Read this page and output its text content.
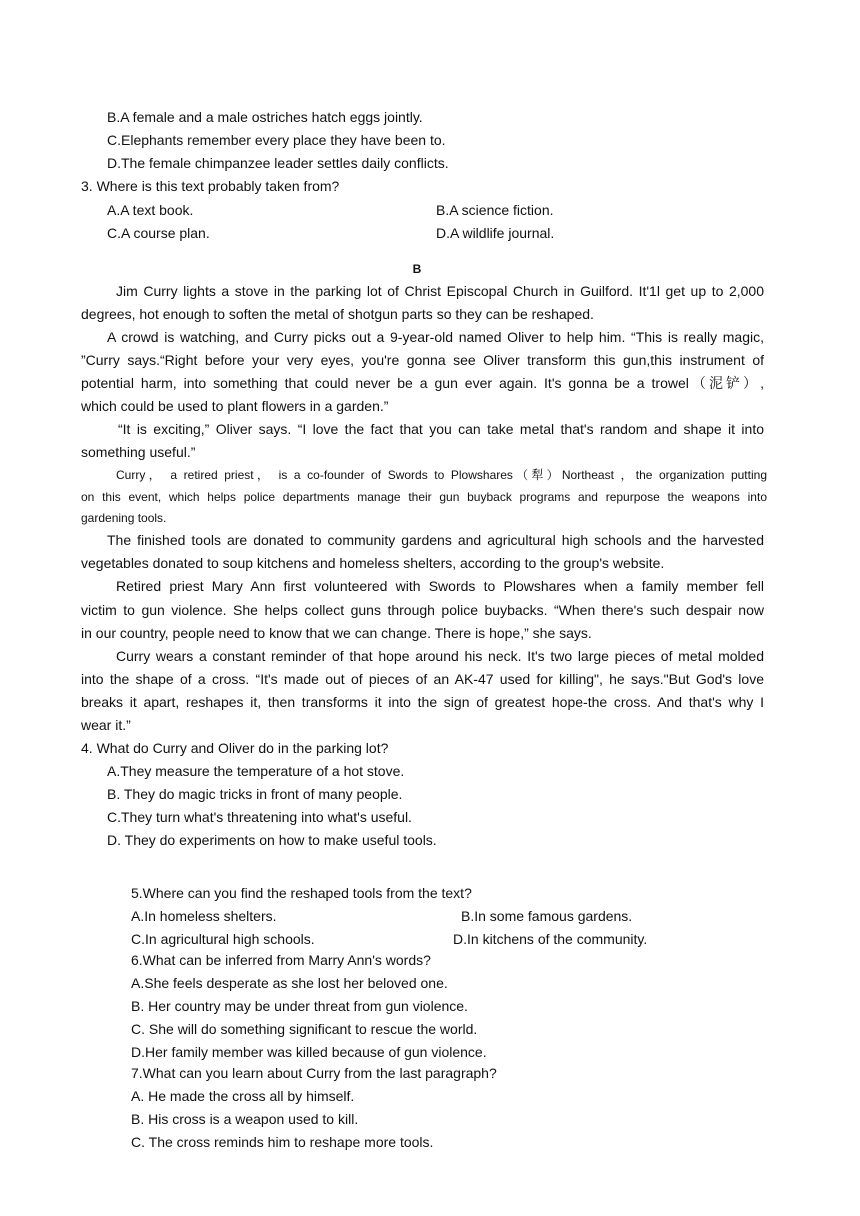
B.A female and a male ostriches hatch eggs jointly.
C.Elephants remember every place they have been to.
D.The female chimpanzee leader settles daily conflicts.
3. Where is this text probably taken from?
A.A text book.	B.A science fiction.
C.A course plan.	D.A wildlife journal.
B
Jim Curry lights a stove in the parking lot of Christ Episcopal Church in Guilford. It'1l get up to 2,000
degrees, hot enough to soften the metal of shotgun parts so they can be reshaped.
A crowd is watching, and Curry picks out a 9-year-old named Oliver to help him. “This is really magic,
”Curry says.“Right before your very eyes, you're gonna see Oliver transform this gun,this instrument of
potential harm, into something that could never be a gun ever again. It's gonna be a trowel（泥铲）,
which could be used to plant flowers in a garden.”
“It is exciting,” Oliver says. “I love the fact that you can take metal that's random and shape it into
something useful.”
Curry， a retired priest， is a co-founder of Swords to Plowshares（犁）Northeast ，the organization putting
on this event, which helps police departments manage their gun buyback programs and repurpose the weapons into
gardening tools.
The finished tools are donated to community gardens and agricultural high schools and the harvested
vegetables donated to soup kitchens and homeless shelters, according to the group's website.
Retired priest Mary Ann first volunteered with Swords to Plowshares when a family member fell
victim to gun violence. She helps collect guns through police buybacks. “When there's such despair now
in our country, people need to know that we can change. There is hope,” she says.
Curry wears a constant reminder of that hope around his neck. It's two large pieces of metal molded
into the shape of a cross. “It's made out of pieces of an AK-47 used for killing", he says."But God's love
breaks it apart, reshapes it, then transforms it into the sign of greatest hope-the cross. And that's why I
wear it.”
4. What do Curry and Oliver do in the parking lot?
A.They measure the temperature of a hot stove.
B. They do magic tricks in front of many people.
C.They turn what's threatening into what's useful.
D. They do experiments on how to make useful tools.
5.Where can you find the reshaped tools from the text?
A.In homeless shelters.	B.In some famous gardens.
C.In agricultural high schools.	D.In kitchens of the community.
6.What can be inferred from Marry Ann's words?
A.She feels desperate as she lost her beloved one.
B. Her country may be under threat from gun violence.
C. She will do something significant to rescue the world.
D.Her family member was killed because of gun violence.
7.What can you learn about Curry from the last paragraph?
A. He made the cross all by himself.
B. His cross is a weapon used to kill.
C. The cross reminds him to reshape more tools.
